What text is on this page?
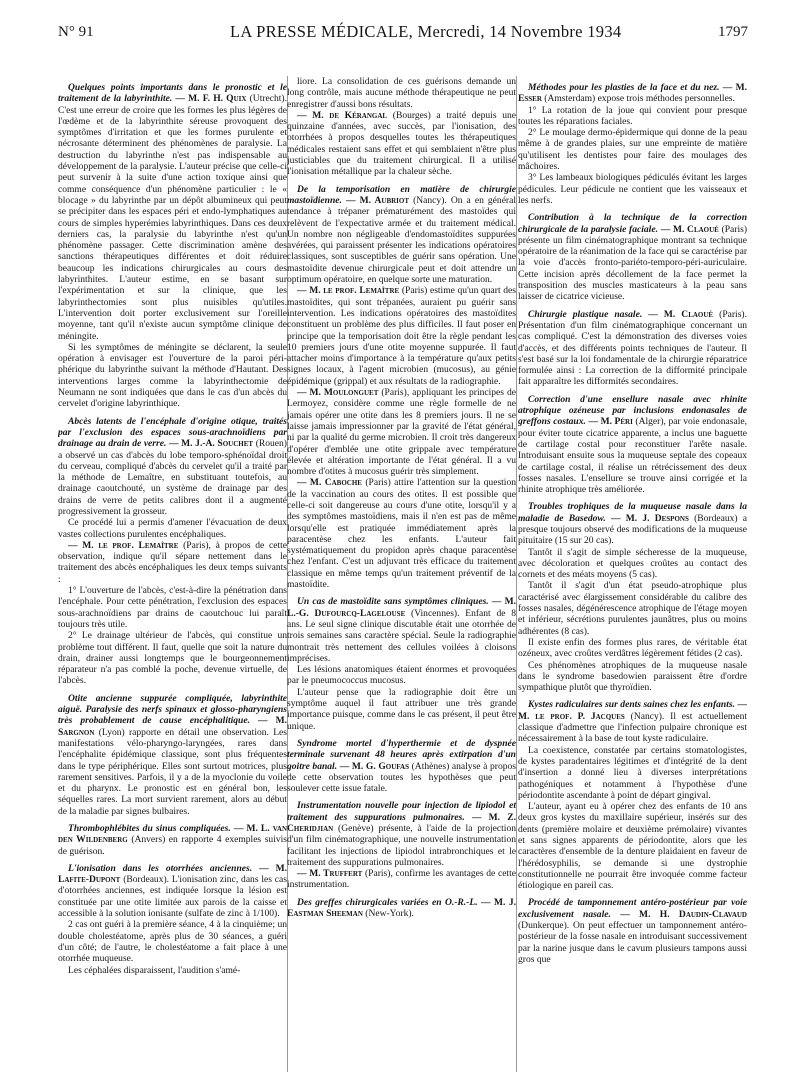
N° 91	LA PRESSE MÉDICALE, Mercredi, 14 Novembre 1934	1797

Quelques points importants dans le pronostic et le traitement de la labyrinthite. — M. F. H. Quix (Utrecht). C'est une erreur de croire que les formes les plus légères de l'œdème et de la labyrinthite séreuse provoquent des symptômes d'irritation et que les formes purulente et nécrosante déterminent des phénomènes de paralysie. La destruction du labyrinthe n'est pas indispensable au développement de la paralysie. L'auteur précise que celle-ci peut survenir à la suite d'une action toxique ainsi que comme conséquence d'un phénomène particulier : le « blocage » du labyrinthe par un dépôt albumineux qui peut se précipiter dans les espaces péri et endo-lymphatiques au cours de simples hyperémies labyrinthiques. Dans ces deux derniers cas, la paralysie du labyrinthe n'est qu'un phénomène passager. Cette discrimination amène des sanctions thérapeutiques différentes et doit réduire beaucoup les indications chirurgicales au cours des labyrinthites. L'auteur estime, en se basant sur l'expérimentation et sur la clinique, que les labyrinthectomies sont plus nuisibles qu'utiles. L'intervention doit porter exclusivement sur l'oreille moyenne, tant qu'il n'existe aucun symptôme clinique de méningite.

Si les symptômes de méningite se déclarent, la seule opération à envisager est l'ouverture de la paroi péri-phérique du labyrinthe suivant la méthode d'Hautant. Des interventions larges comme la labyrinthectomie de Neumann ne sont indiquées que dans le cas d'un abcès du cervelet d'origine labyrinthique.

Abcès latents de l'encéphale d'origine otique, traités par l'exclusion des espaces sous-arachnoïdiens par drainage au drain de verre. — M. J.-A. Souchet (Rouen) a observé un cas d'abcès du lobe temporo-sphénoïdal droit du cerveau, compliqué d'abcès du cervelet qu'il a traité par la méthode de Lemaître, en substituant toutefois, au drainage caoutchouté, un système de drainage par des drains de verre de petits calibres dont il a augmenté progressivement la grosseur.

Ce procédé lui a permis d'amener l'évacuation de deux vastes collections purulentes encéphaliques.

— M. le prof. Lemaître (Paris), à propos de cette observation, indique qu'il sépare nettement dans le traitement des abcès encéphaliques les deux temps suivants :

1° L'ouverture de l'abcès, c'est-à-dire la pénétration dans l'encéphale. Pour cette pénétration, l'exclusion des espaces sous-arachnoïdiens par drains de caoutchouc lui paraît toujours très utile.

2° Le drainage ultérieur de l'abcès, qui constitue un problème tout différent. Il faut, quelle que soit la nature du drain, drainer aussi longtemps que le bourgeonnement réparateur n'a pas comblé la poche, devenue virtuelle, de l'abcès.

Otite ancienne suppurée compliquée, labyrinthite aiguë. Paralysie des nerfs spinaux et glosso-pharyngiens très probablement de cause encéphalitique. — M. Sargnon (Lyon) rapporte en détail une observation. Les manifestations vélo-pharyngo-laryngées, rares dans l'encéphalite épidémique classique, sont plus fréquentes dans le type périphérique. Elles sont surtout motrices, plus rarement sensitives. Parfois, il y a de la myoclonie du voile et du pharynx. Le pronostic est en général bon, les séquelles rares. La mort survient rarement, alors au début de la maladie par signes bulbaires.

Thrombophlébites du sinus compliquées. — M. L. van den Wildenberg (Anvers) en rapporte 4 exemples suivis de guérison.

L'ionisation dans les otorrhées anciennes. — M. Lafite-Dupont (Bordeaux). L'ionisation zinc, dans les cas d'otorrhées anciennes, est indiquée lorsque la lésion est constituée par une otite limitée aux parois de la caisse et accessible à la solution ionisante (sulfate de zinc à 1/100).

2 cas ont guéri à la première séance, 4 à la cinquième; un double cholestéatome, après plus de 30 séances, a guéri d'un côté; de l'autre, le cholestéatome a fait place à une otorrhée muqueuse.

Les céphalées disparaissent, l'audition s'amé-

liore. La consolidation de ces guérisons demande un long contrôle, mais aucune méthode thérapeutique ne peut enregistrer d'aussi bons résultats.

— M. de Kérangal (Bourges) a traité depuis une quinzaine d'années, avec succès, par l'ionisation, des otorrhées à propos desquelles toutes les thérapeutiques médicales restaient sans effet et qui semblaient n'être plus justiciables que du traitement chirurgical. Il a utilisé l'ionisation métallique par la chaleur sèche.

De la temporisation en matière de chirurgie mastoïdienne. — M. Aubriot (Nancy). On a en général tendance à trépaner prématurément des mastoïdes qui relèvent de l'expectative armée et du traitement médical. Un nombre non négligeable d'endomastoïdites suppurées avérées, qui paraissent présenter les indications opératoires classiques, sont susceptibles de guérir sans opération. Une mastoïdite devenue chirurgicale peut et doit attendre un optimum opératoire, en quelque sorte une maturation.

— M. le prof. Lemaître (Paris) estime qu'un quart des mastoïdites, qui sont trépanées, auraient pu guérir sans intervention. Les indications opératoires des mastoïdites constituent un problème des plus difficiles. Il faut poser en principe que la temporisation doit être la règle pendant les 10 premiers jours d'une otite moyenne suppurée. Il faut attacher moins d'importance à la température qu'aux petits signes locaux, à l'agent microbien (mucosus), au génie épidémique (grippal) et aux résultats de la radiographie.

— M. Moulonguet (Paris), appliquant les principes de Lermoyez, considère comme une règle formelle de ne jamais opérer une otite dans les 8 premiers jours. Il ne se laisse jamais impressionner par la gravité de l'état général, ni par la qualité du germe microbien. Il croit très dangereux d'opérer d'emblée une otite grippale avec température élevée et altération importante de l'état général. Il a vu nombre d'otites à mucosus guérir très simplement.

— M. Caboche (Paris) attire l'attention sur la question de la vaccination au cours des otites. Il est possible que celle-ci soit dangereuse au cours d'une otite, lorsqu'il y a des symptômes mastoïdiens, mais il n'en est pas de même lorsqu'elle est pratiquée immédiatement après la paracentèse chez les enfants. L'auteur fait systématiquement du propidon après chaque paracentèse chez l'enfant. C'est un adjuvant très efficace du traitement classique en même temps qu'un traitement préventif de la mastoïdite.

Un cas de mastoïdite sans symptômes cliniques. — M. L.-G. Dufourcq-Lagelouse (Vincennes). Enfant de 8 ans. Le seul signe clinique discutable était une otorrhée de trois semaines sans caractère spécial. Seule la radiographie montrait très nettement des cellules voilées à cloisons imprécises.

Les lésions anatomiques étaient énormes et provoquées par le pneumococcus mucosus.

L'auteur pense que la radiographie doit être un symptôme auquel il faut attribuer une très grande importance puisque, comme dans le cas présent, il peut être unique.

Syndrome mortel d'hyperthermie et de dyspnée terminale survenant 48 heures après extirpation d'un goitre banal. — M. G. Goufas (Athènes) analyse à propos de cette observation toutes les hypothèses que peut soulever cette issue fatale.

Instrumentation nouvelle pour injection de lipiodol et traitement des suppurations pulmonaires. — M. Z. Cheridjian (Genève) présente, à l'aide de la projection d'un film cinématographique, une nouvelle instrumentation facilitant les injections de lipiodol intrabronchiques et le traitement des suppurations pulmonaires.

— M. Truffert (Paris), confirme les avantages de cette instrumentation.

Des greffes chirurgicales variées en O.-R.-L. — M. J. Eastman Sheeman (New-York).

Méthodes pour les plasties de la face et du nez. — M. Esser (Amsterdam) expose trois méthodes personnelles.

1° La rotation de la joue qui convient pour presque toutes les réparations faciales.

2° Le moulage dermo-épidermique qui donne de la peau même à de grandes plaies, sur une empreinte de matière qu'utilisent les dentistes pour faire des moulages des mâchoires.

3° Les lambeaux biologiques pédiculés évitant les larges pédicules. Leur pédicule ne contient que les vaisseaux et les nerfs.

Contribution à la technique de la correction chirurgicale de la paralysie faciale. — M. Claoué (Paris) présente un film cinématographique montrant sa technique opératoire de la réanimation de la face qui se caractérise par la voie d'accès fronto-pariéto-temporo-péri-auriculaire. Cette incision après décollement de la face permet la transposition des muscles masticateurs à la peau sans laisser de cicatrice vicieuse.

Chirurgie plastique nasale. — M. Claoué (Paris). Présentation d'un film cinématographique concernant un cas compliqué. C'est la démonstration des diverses voies d'accès, et des différents points techniques de l'auteur. Il s'est basé sur la loi fondamentale de la chirurgie réparatrice formulée ainsi : La correction de la difformité principale fait apparaître les difformités secondaires.

Correction d'une ensellure nasale avec rhinite atrophique ozéneuse par inclusions endonasales de greffons costaux. — M. Péri (Alger), par voie endonasale, pour éviter toute cicatrice apparente, a inclus une baguette de cartilage costal pour reconstituer l'arête nasale. Introduisant ensuite sous la muqueuse septale des copeaux de cartilage costal, il réalise un rétrécissement des deux fosses nasales. L'ensellure se trouve ainsi corrigée et la rhinite atrophique très améliorée.

Troubles trophiques de la muqueuse nasale dans la maladie de Basedow. — M. J. Despons (Bordeaux) a presque toujours observé des modifications de la muqueuse pituitaire (15 sur 20 cas).

Tantôt il s'agit de simple sécheresse de la muqueuse, avec décoloration et quelques croûtes au contact des cornets et des méats moyens (5 cas).

Tantôt il s'agit d'un état pseudo-atrophique plus caractérisé avec élargissement considérable du calibre des fosses nasales, dégénérescence atrophique de l'étage moyen et inférieur, sécrétions purulentes jaunâtres, plus ou moins adhérentes (8 cas).

Il existe enfin des formes plus rares, de véritable état ozéneux, avec croûtes verdâtres légèrement fétides (2 cas).

Ces phénomènes atrophiques de la muqueuse nasale dans le syndrome basedowien paraissent être d'ordre sympathique plutôt que thyroïdien.

Kystes radiculaires sur dents saines chez les enfants. — M. le prof. P. Jacques (Nancy). Il est actuellement classique d'admettre que l'infection pulpaire chronique est nécessairement à la base de tout kyste radiculaire.

La coexistence, constatée par certains stomatologistes, de kystes paradentaires légitimes et d'intégrité de la dent d'insertion a donné lieu à diverses interprétations pathogéniques et notamment à l'hypothèse d'une périodontite ascendante à point de départ gingival.

L'auteur, ayant eu à opérer chez des enfants de 10 ans deux gros kystes du maxillaire supérieur, insérés sur des dents (première molaire et deuxième prémolaire) vivantes et sans signes apparents de périodontite, alors que les caractères d'ensemble de la denture plaidaient en faveur de l'hérédosyphilis, se demande si une dystrophie constitutionnelle ne pourrait être invoquée comme facteur étiologique en pareil cas.

Procédé de tamponnement antéro-postérieur par voie exclusivement nasale. — M. H. Daudin-Clavaud (Dunkerque). On peut effectuer un tamponnement antéro-postérieur de la fosse nasale en introduisant successivement par la narine jusque dans le cavum plusieurs tampons aussi gros que
